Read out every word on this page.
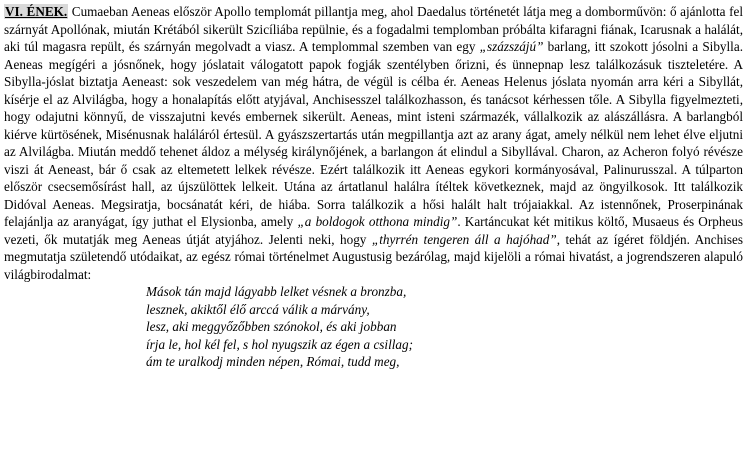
VI. ÉNEK. Cumaeban Aeneas először Apollo templomát pillantja meg, ahol Daedalus történetét látja meg a domborművön: ő ajánlotta fel szárnyát Apollónak, miután Krétából sikerült Szicíliába repülnie, és a fogadalmi templomban próbálta kifaragni fiának, Icarusnak a halálát, aki túl magasra repült, és szárnyán megolvadt a viasz. A templommal szemben van egy „százszájú” barlang, itt szokott jósolni a Sibylla. Aeneas megígéri a jósnőnek, hogy jóslatait válogatott papok fogják szentélyben őrizni, és ünnepnap lesz találkozásuk tiszteletére. A Sibylla-jóslat biztatja Aeneast: sok veszedelem van még hátra, de végül is célba ér. Aeneas Helenus jóslata nyomán arra kéri a Sibyllát, kísérje el az Alvilágba, hogy a honalapítás előtt atyjával, Anchisesszel találkozhasson, és tanácsot kérhessen tőle. A Sibylla figyelmezteti, hogy odajutni könnyű, de visszajutni kevés embernek sikerült. Aeneas, mint isteni származék, vállalkozik az alászállásra. A barlangból kiérve kürtösének, Misénusnak haláláról értesül. A gyászszertartás után megpillantja azt az arany ágat, amely nélkül nem lehet élve eljutni az Alvilágba. Miután meddő tehenet áldoz a mélység királynőjének, a barlangon át elindul a Sibyllával. Charon, az Acheron folyó révésze viszi át Aeneast, bár ő csak az eltemetett lelkek révésze. Ezért találkozik itt Aeneas egykori kormányosával, Palinurusszal. A túlparton először csecsemősírást hall, az újszülöttek lelkeit. Utána az ártatlanul halálra ítéltek következnek, majd az öngyilkosok. Itt találkozik Didóval Aeneas. Megsiratja, bocsánatát kéri, de hiába. Sorra találkozik a hősi halált halt trójaiakkal. Az istennőnek, Proserpinának felajánlja az aranyágat, így juthat el Elysionba, amely „a boldogok otthona mindig”. Kartáncukat két mitikus költő, Musaeus és Orpheus vezeti, ők mutatják meg Aeneas útját atyjához. Jelenti neki, hogy „thyrrén tengeren áll a hajóhad”, tehát az ígéret földjén. Anchises megmutatja születendő utódaikat, az egész római történelmet Augustusig bezárólag, majd kijelöli a római hivatást, a jogrendszeren alapuló világbirodalmat:

Mások tán majd lágyabb lelket vésnek a bronzba,
lesznek, akiktől élő arccá válik a márvány,
lesz, aki meggyőzőbben szónokol, és aki jobban
írja le, hol kél fel, s hol nyugszik az égen a csillag;
ám te uralkodj minden népen, Római, tudd meg,
